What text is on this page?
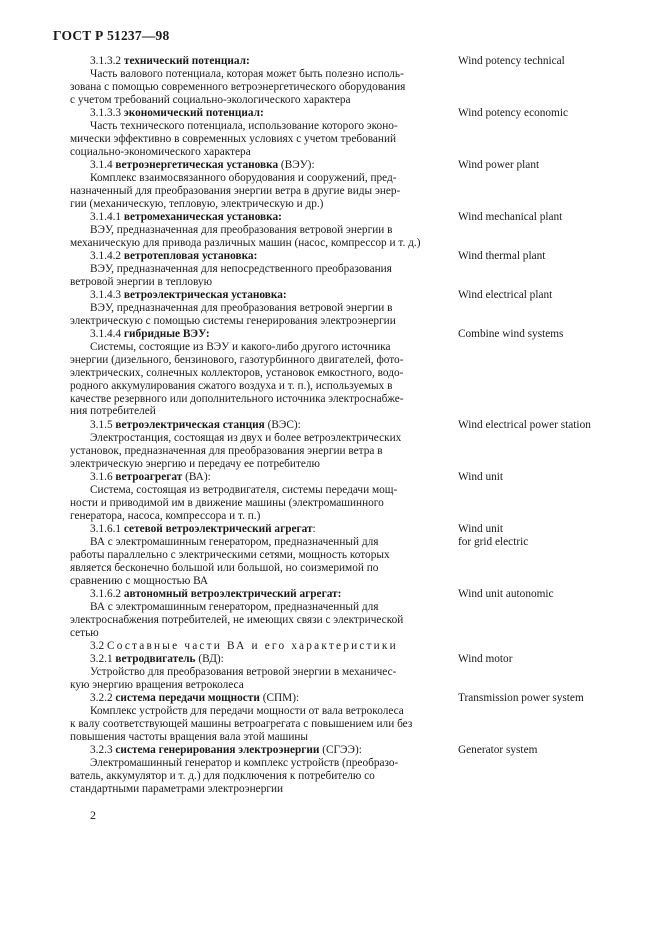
ГОСТ Р 51237—98
3.1.3.2 технический потенциал:
Часть валового потенциала, которая может быть полезно исполь-
зована с помощью современного ветроэнергетического оборудования
с учетом требований социально-экологического характера
Wind potency technical
3.1.3.3 экономический потенциал:
Часть технического потенциала, использование которого эконо-
мически эффективно в современных условиях с учетом требований
социально-экономического характера
Wind potency economic
3.1.4 ветроэнергетическая установка (ВЭУ):
Комплекс взаимосвязанного оборудования и сооружений, пред-
назначенный для преобразования энергии ветра в другие виды энер-
гии (механическую, тепловую, электрическую и др.)
Wind power plant
3.1.4.1 ветромеханическая установка:
ВЭУ, предназначенная для преобразования ветровой энергии в
механическую для привода различных машин (насос, компрессор и т. д.)
Wind mechanical plant
3.1.4.2 ветротепловая установка:
ВЭУ, предназначенная для непосредственного преобразования
ветровой энергии в тепловую
Wind thermal plant
3.1.4.3 ветроэлектрическая установка:
ВЭУ, предназначенная для преобразования ветровой энергии в
электрическую с помощью системы генерирования электроэнергии
Wind electrical plant
3.1.4.4 гибридные ВЭУ:
Системы, состоящие из ВЭУ и какого-либо другого источника
энергии (дизельного, бензинового, газотурбинного двигателей, фото-
электрических, солнечных коллекторов, установок емкостного, водо-
родного аккумулирования сжатого воздуха и т. п.), используемых в
качестве резервного или дополнительного источника электроснабже-
ния потребителей
Combine wind systems
3.1.5 ветроэлектрическая станция (ВЭС):
Электростанция, состоящая из двух и более ветроэлектрических
установок, предназначенная для преобразования энергии ветра в
электрическую энергию и передачу ее потребителю
Wind electrical power station
3.1.6 ветроагрегат (ВА):
Система, состоящая из ветродвигателя, системы передачи мощ-
ности и приводимой им в движение машины (электромашинного
генератора, насоса, компрессора и т. п.)
Wind unit
3.1.6.1 сетевой ветроэлектрический агрегат:
ВА с электромашинным генератором, предназначенный для
работы параллельно с электрическими сетями, мощность которых
является бесконечно большой или большой, но соизмеримой по
сравнению с мощностью ВА
Wind unit
for grid electric
3.1.6.2 автономный ветроэлектрический агрегат:
ВА с электромашинным генератором, предназначенный для
электроснабжения потребителей, не имеющих связи с электрической
сетью
Wind unit autonomic
3.2.1 ветродвигатель (ВД):
Устройство для преобразования ветровой энергии в механичес-
кую энергию вращения ветроколеса
Wind motor
3.2.2 система передачи мощности (СПМ):
Комплекс устройств для передачи мощности от вала ветроколеса
к валу соответствующей машины ветроагрегата с повышением или без
повышения частоты вращения вала этой машины
Transmission power system
3.2.3 система генерирования электроэнергии (СГЭЭ):
Электромашинный генератор и комплекс устройств (преобразо-
ватель, аккумулятор и т. д.) для подключения к потребителю со
стандартными параметрами электроэнергии
Generator system
3.2 Составные части ВА и его характеристики
2
